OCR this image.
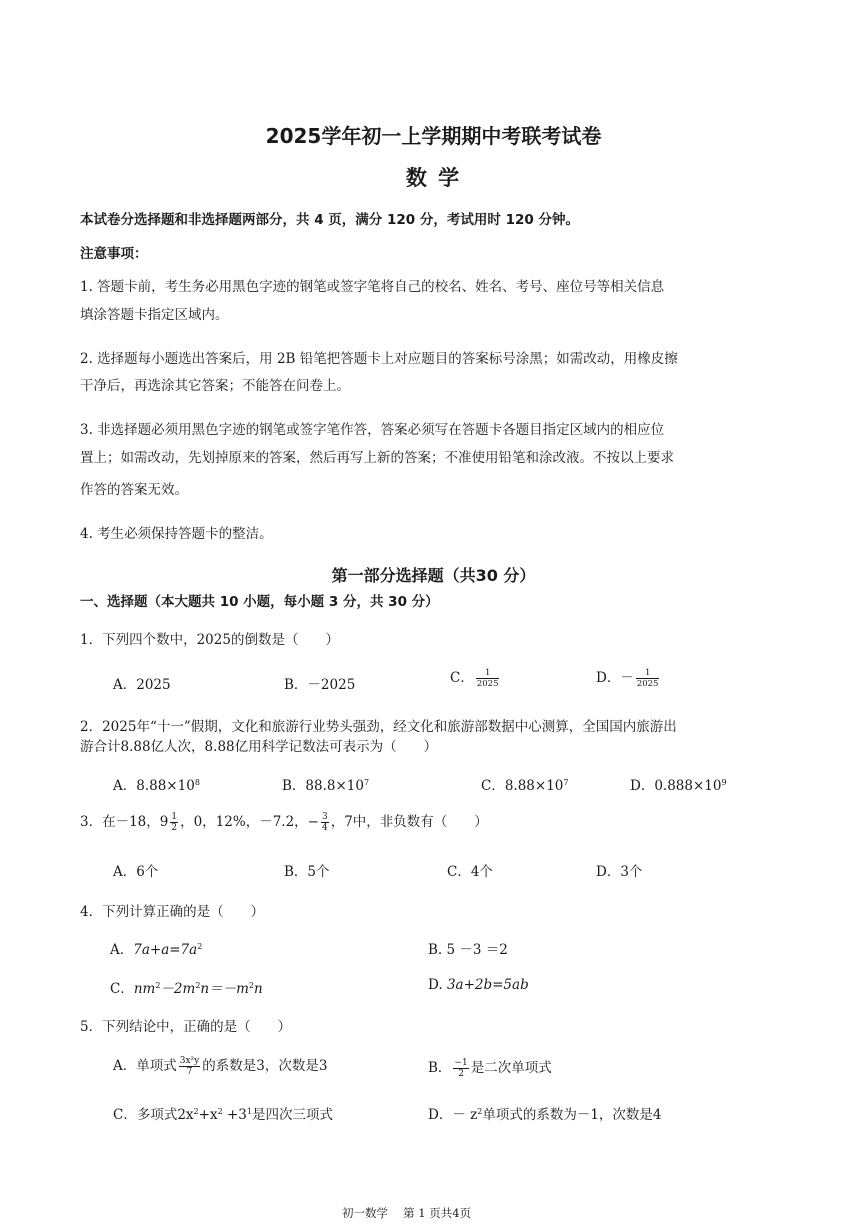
2025学年初一上学期期中考联考试卷
数 学
本试卷分选择题和非选择题两部分，共 4 页，满分 120 分，考试用时 120 分钟。
注意事项：
1. 答题卡前，考生务必用黑色字迹的钢笔或签字笔将自己的校名、姓名、考号、座位号等相关信息
填涂答题卡指定区域内。
2. 选择题每小题选出答案后，用 2B 铅笔把答题卡上对应题目的答案标号涂黑；如需改动，用橡皮擦
干净后，再选涂其它答案；不能答在问卷上。
3. 非选择题必须用黑色字迹的钢笔或签字笔作答，答案必须写在答题卡各题目指定区域内的相应位
置上；如需改动，先划掉原来的答案，然后再写上新的答案；不准使用铅笔和涂改液。不按以上要求
作答的答案无效。
4. 考生必须保持答题卡的整洁。
第一部分选择题（共30 分）
一、选择题（本大题共 10 小题，每小题 3 分，共 30 分）
1．下列四个数中，2025的倒数是（　　）
A．2025	B．－2025	C． $\frac{1}{2025}$	D．－ $\frac{1}{2025}$
2．2025年“十一”假期，文化和旅游行业势头强劲，经文化和旅游部数据中心测算，全国国内旅游出
游合计8.88亿人次，8.88亿用科学记数法可表示为（　　）
A．$8.88\times 10^8$	B．$88.8\times 10^7$	C．$8.88\times 10^7$	D．$0.888\times 10^9$
3．在－18，$9 \frac{1}{2}$ ，0，12%，－7.2，− $\frac{3}{4}$ ，7中，非负数有（　　）
A．6个	B．5个	C．4个	D．3个
4．下列计算正确的是（　　）
A．$7a+a=7a^2$	B. 5 －3 ＝2
C．$nm^2-2m^2n=-m^2n$	D. 3a+2b=5ab
5．下列结论中，正确的是（　　）
A．单项式 $\frac{\text{3x²y}}{7}$ 的系数是3，次数是3	B． $\frac{-1}{2}$ 是二次单项式
C．多项式$2x^2+x^2 +3^1$是四次三项式	D．－ $z^2$单项式的系数为－1，次数是4
初一数学　 第 1 页共4页
